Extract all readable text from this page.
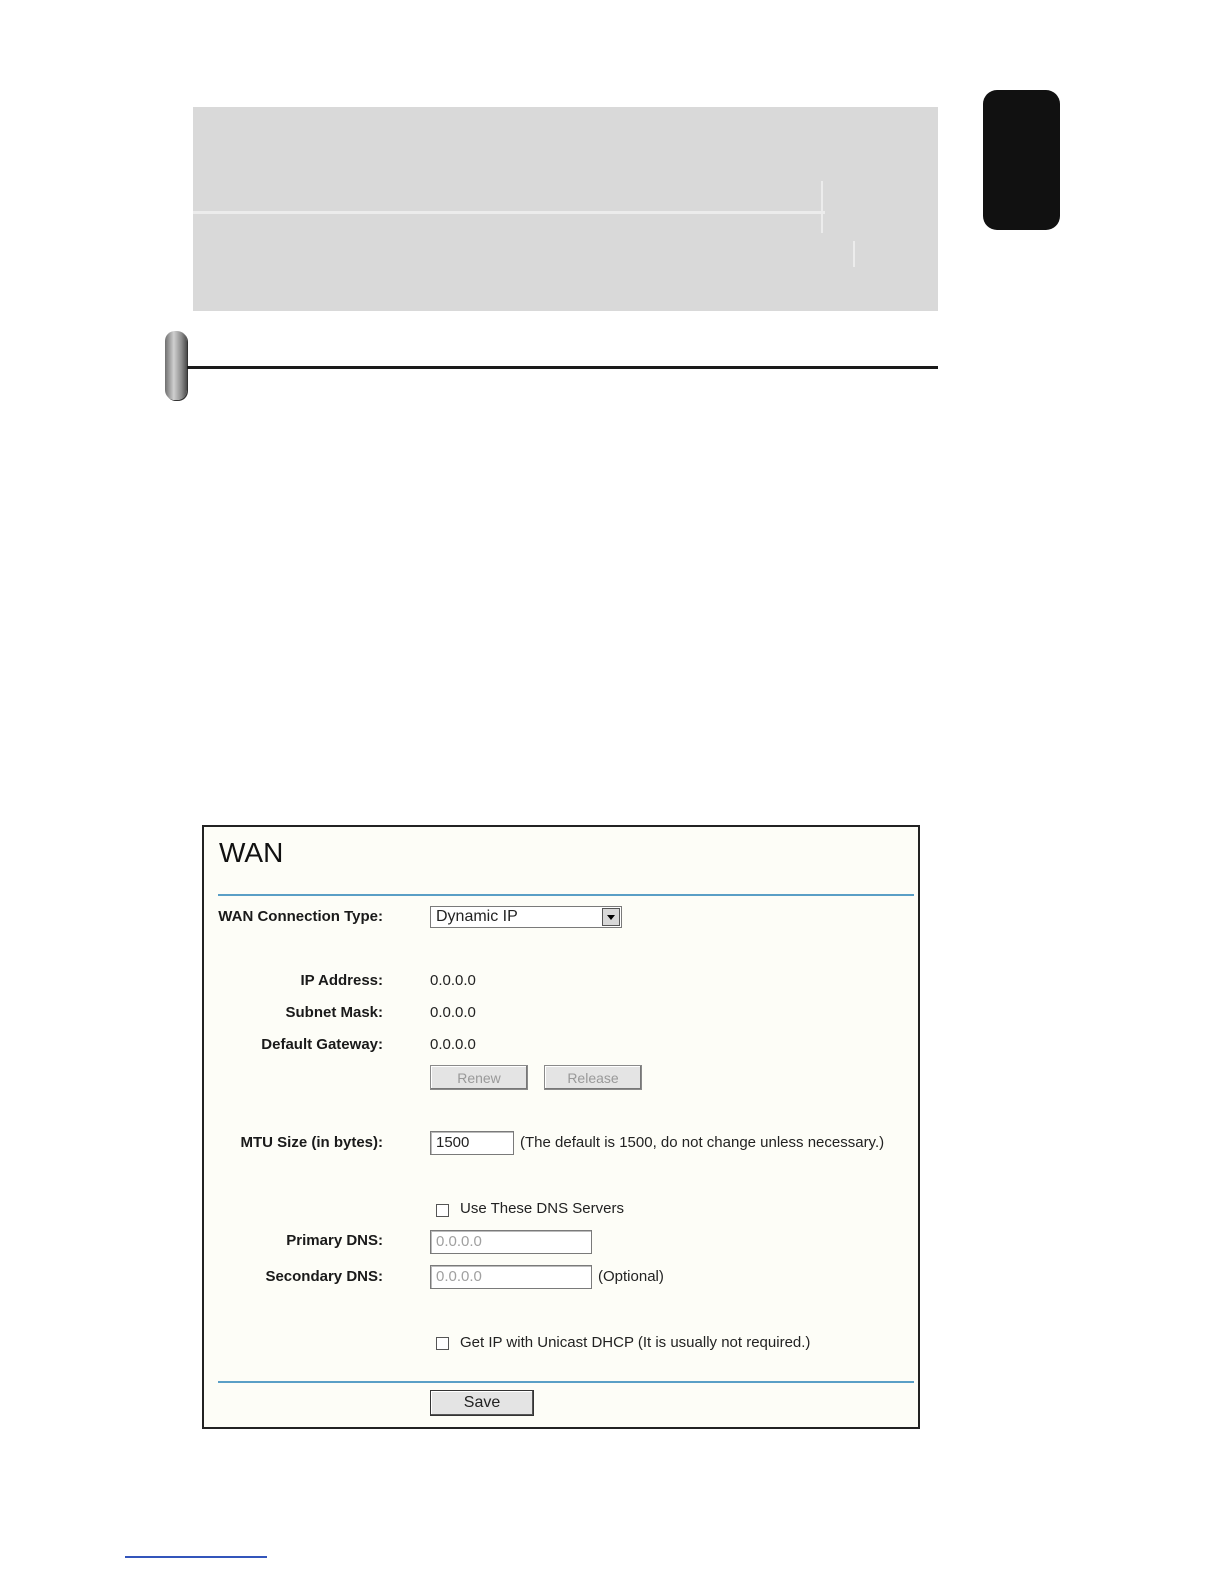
WAN
WAN Connection Type:	Dynamic IP
IP Address:	0.0.0.0
Subnet Mask:	0.0.0.0
Default Gateway:	0.0.0.0
Renew	Release
MTU Size (in bytes):	1500	(The default is 1500, do not change unless necessary.)
Use These DNS Servers
Primary DNS:	0.0.0.0
Secondary DNS:	0.0.0.0	(Optional)
Get IP with Unicast DHCP (It is usually not required.)
Save
